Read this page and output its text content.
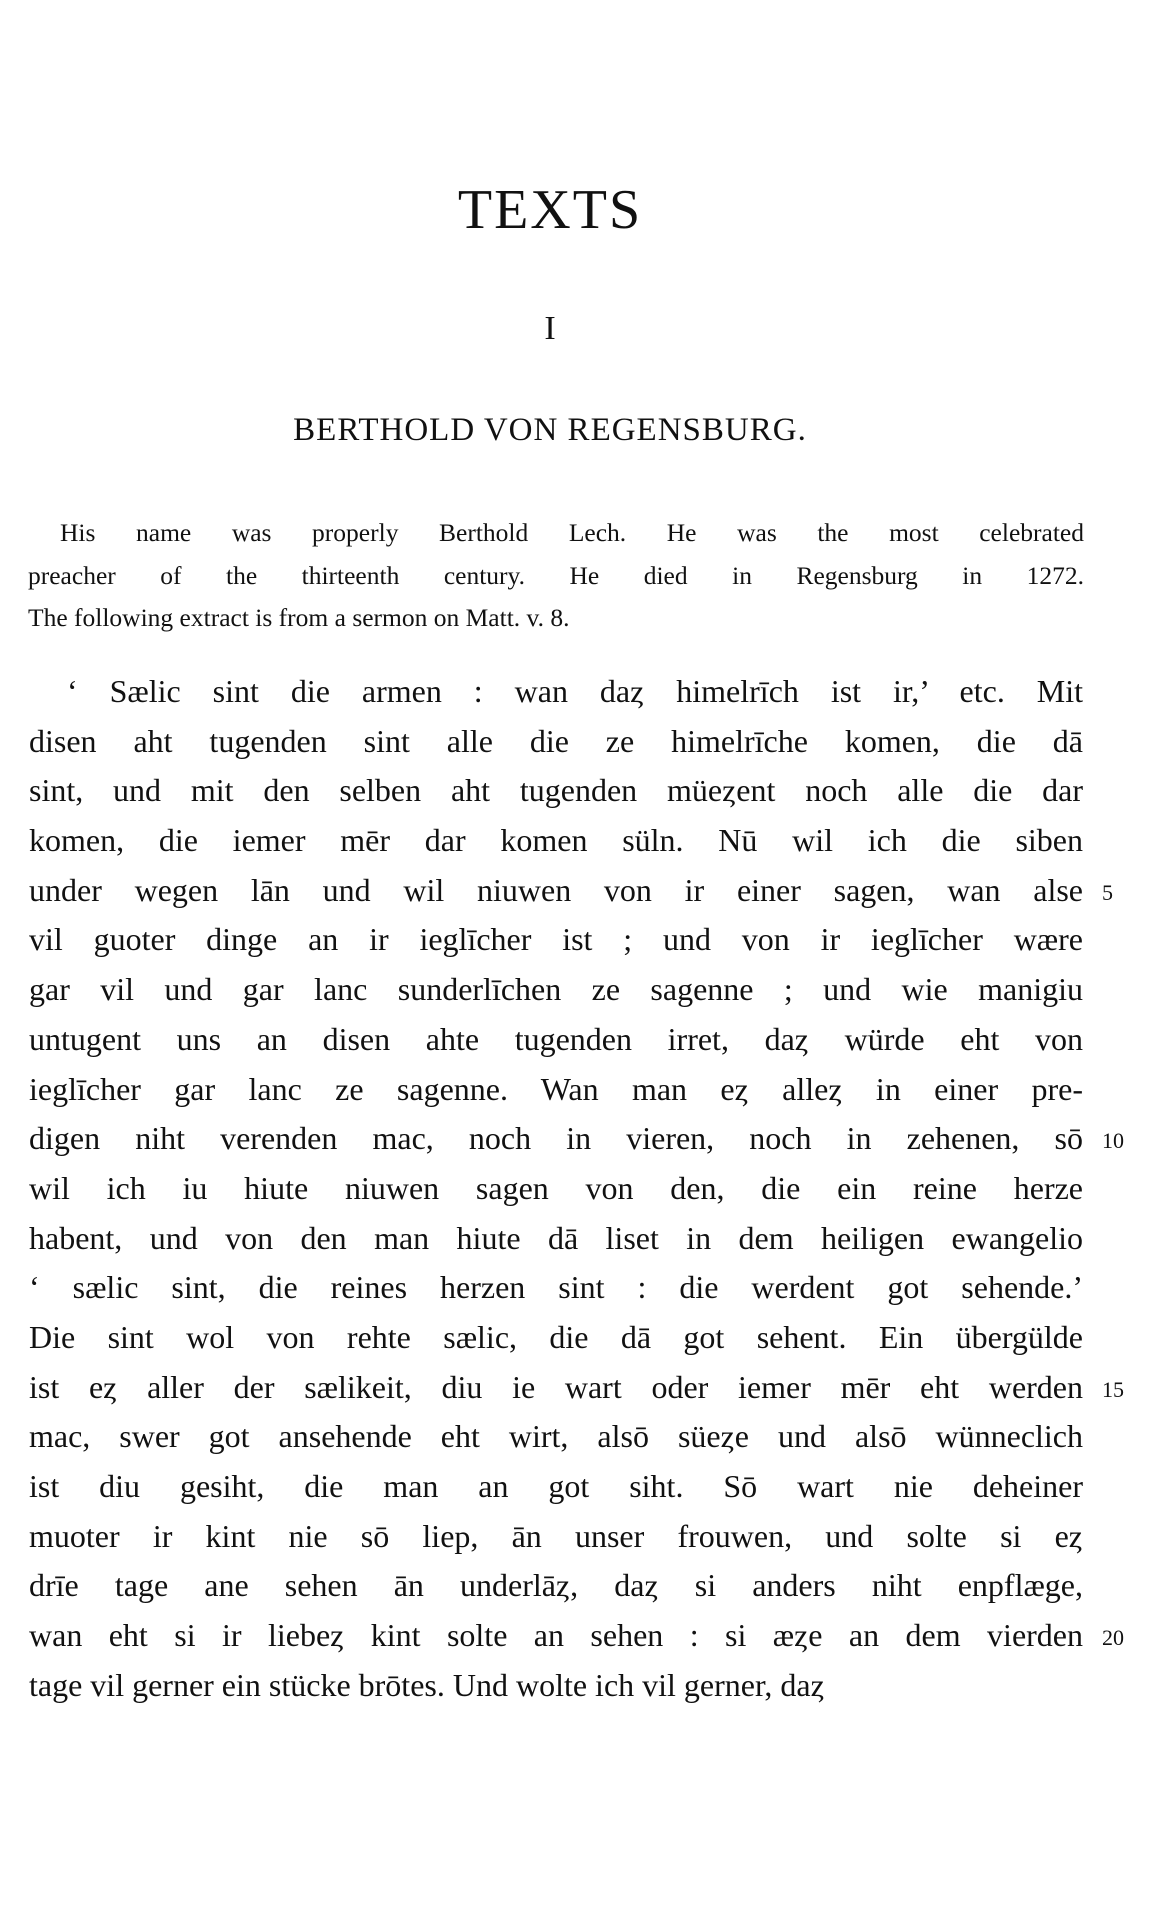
TEXTS
I
BERTHOLD VON REGENSBURG.
His name was properly Berthold Lech. He was the most celebrated
preacher of the thirteenth century. He died in Regensburg in 1272.
The following extract is from a sermon on Matt. v. 8.
‘ Sælic sint die armen : wan daȥ himelrīch ist ir,’ etc. Mit
disen aht tugenden sint alle die ze himelrīche komen, die dā
sint, und mit den selben aht tugenden müeȥent noch alle die dar
komen, die iemer mēr dar komen süln. Nū wil ich die siben
under wegen lān und wil niuwen von ir einer sagen, wan alse 5
vil guoter dinge an ir ieglīcher ist ; und von ir ieglīcher wære
gar vil und gar lanc sunderlīchen ze sagenne ; und wie manigiu
untugent uns an disen ahte tugenden irret, daȥ würde eht von
ieglīcher gar lanc ze sagenne. Wan man eȥ alleȥ in einer pre-
digen niht verenden mac, noch in vieren, noch in zehenen, sō 10
wil ich iu hiute niuwen sagen von den, die ein reine herze
habent, und von den man hiute dā liset in dem heiligen ewangelio
‘ sælic sint, die reines herzen sint : die werdent got sehende.’
Die sint wol von rehte sælic, die dā got sehent. Ein übergülde
ist eȥ aller der sælikeit, diu ie wart oder iemer mēr eht werden 15
mac, swer got ansehende eht wirt, alsō süeȥe und alsō wünneclich
ist diu gesiht, die man an got siht. Sō wart nie deheiner
muoter ir kint nie sō liep, ān unser frouwen, und solte si eȥ
drīe tage ane sehen ān underlāȥ, daȥ si anders niht enpflæge,
wan eht si ir liebeȥ kint solte an sehen : si æȥe an dem vierden 20
tage vil gerner ein stücke brōtes. Und wolte ich vil gerner, daȥ
